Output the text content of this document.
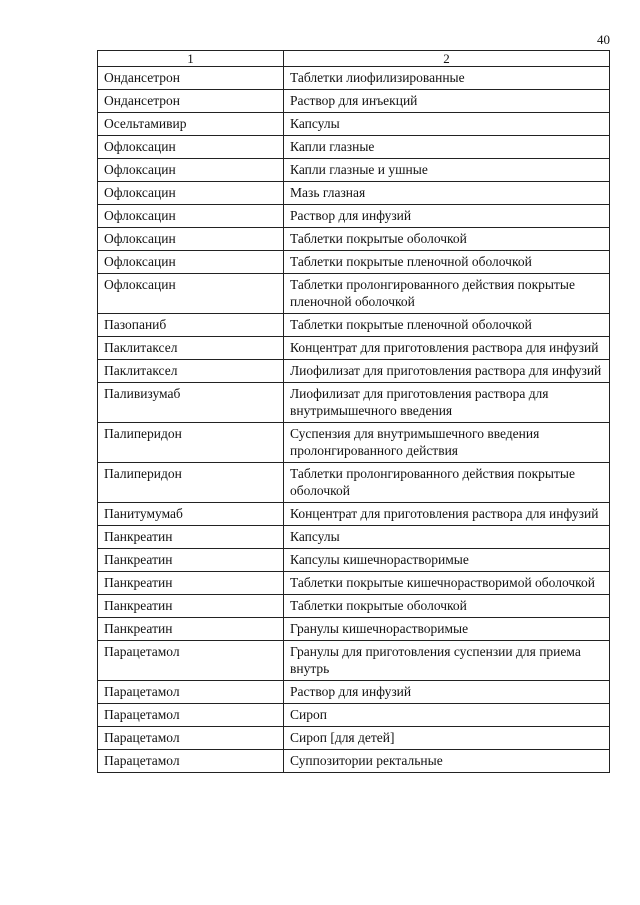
40
1	2
Ондансетрон	Таблетки лиофилизированные
Ондансетрон	Раствор для инъекций
Осельтамивир	Капсулы
Офлоксацин	Капли глазные
Офлоксацин	Капли глазные и ушные
Офлоксацин	Мазь глазная
Офлоксацин	Раствор для инфузий
Офлоксацин	Таблетки покрытые оболочкой
Офлоксацин	Таблетки покрытые пленочной оболочкой
Офлоксацин	Таблетки пролонгированного действия покрытые пленочной оболочкой
Пазопаниб	Таблетки покрытые пленочной оболочкой
Паклитаксел	Концентрат для приготовления раствора для инфузий
Паклитаксел	Лиофилизат для приготовления раствора для инфузий
Паливизумаб	Лиофилизат для приготовления раствора для внутримышечного введения
Палиперидон	Суспензия для внутримышечного введения пролонгированного действия
Палиперидон	Таблетки пролонгированного действия покрытые оболочкой
Панитумумаб	Концентрат для приготовления раствора для инфузий
Панкреатин	Капсулы
Панкреатин	Капсулы кишечнорастворимые
Панкреатин	Таблетки покрытые кишечнорастворимой оболочкой
Панкреатин	Таблетки покрытые оболочкой
Панкреатин	Гранулы кишечнорастворимые
Парацетамол	Гранулы для приготовления суспензии для приема внутрь
Парацетамол	Раствор для инфузий
Парацетамол	Сироп
Парацетамол	Сироп [для детей]
Парацетамол	Суппозитории ректальные
